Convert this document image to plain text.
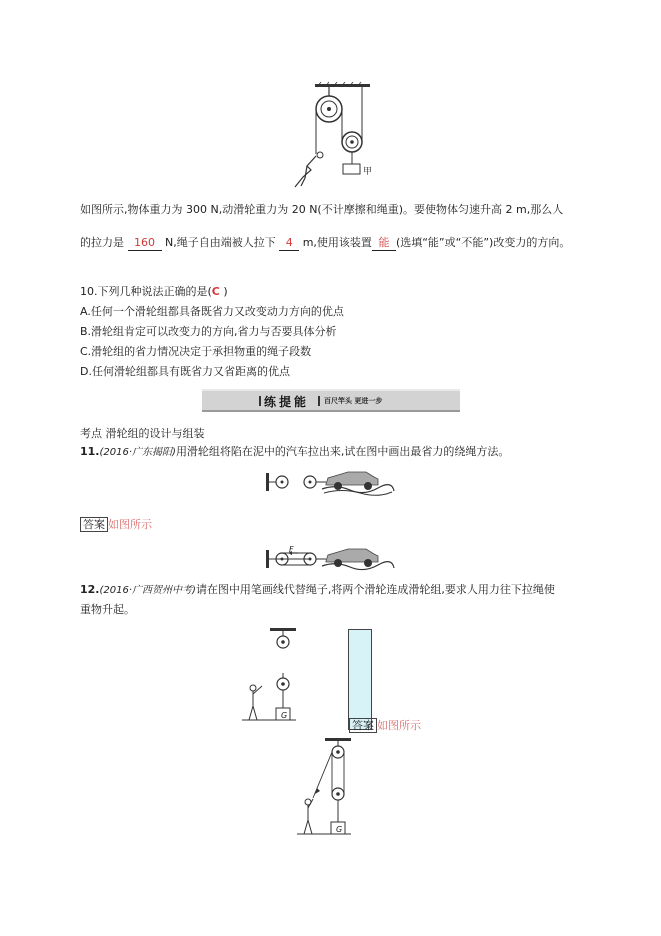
甲
如图所示,物体重力为 300 N,动滑轮重力为 20 N(不计摩擦和绳重)。要使物体匀速升高 2 m,那么人
的拉力是 160 N,绳子自由端被人拉下 4 m,使用该装置 能 (选填“能”或“不能”)改变力的方向。
10.下列几种说法正确的是(C )
A.任何一个滑轮组都具备既省力又改变动力方向的优点
B.滑轮组肯定可以改变力的方向,省力与否要具体分析
C.滑轮组的省力情况决定于承担物重的绳子段数
D.任何滑轮组都具有既省力又省距离的优点
练提能 百尺竿头 更进一步
考点 滑轮组的设计与组装
11.(2016·广东揭阳)用滑轮组将陷在泥中的汽车拉出来,试在图中画出最省力的绕绳方法。
答案 如图所示
F
12.(2016·广西贺州中考)请在图中用笔画线代替绳子,将两个滑轮连成滑轮组,要求人用力往下拉绳使
重物升起。
G
答案 如图所示
G
